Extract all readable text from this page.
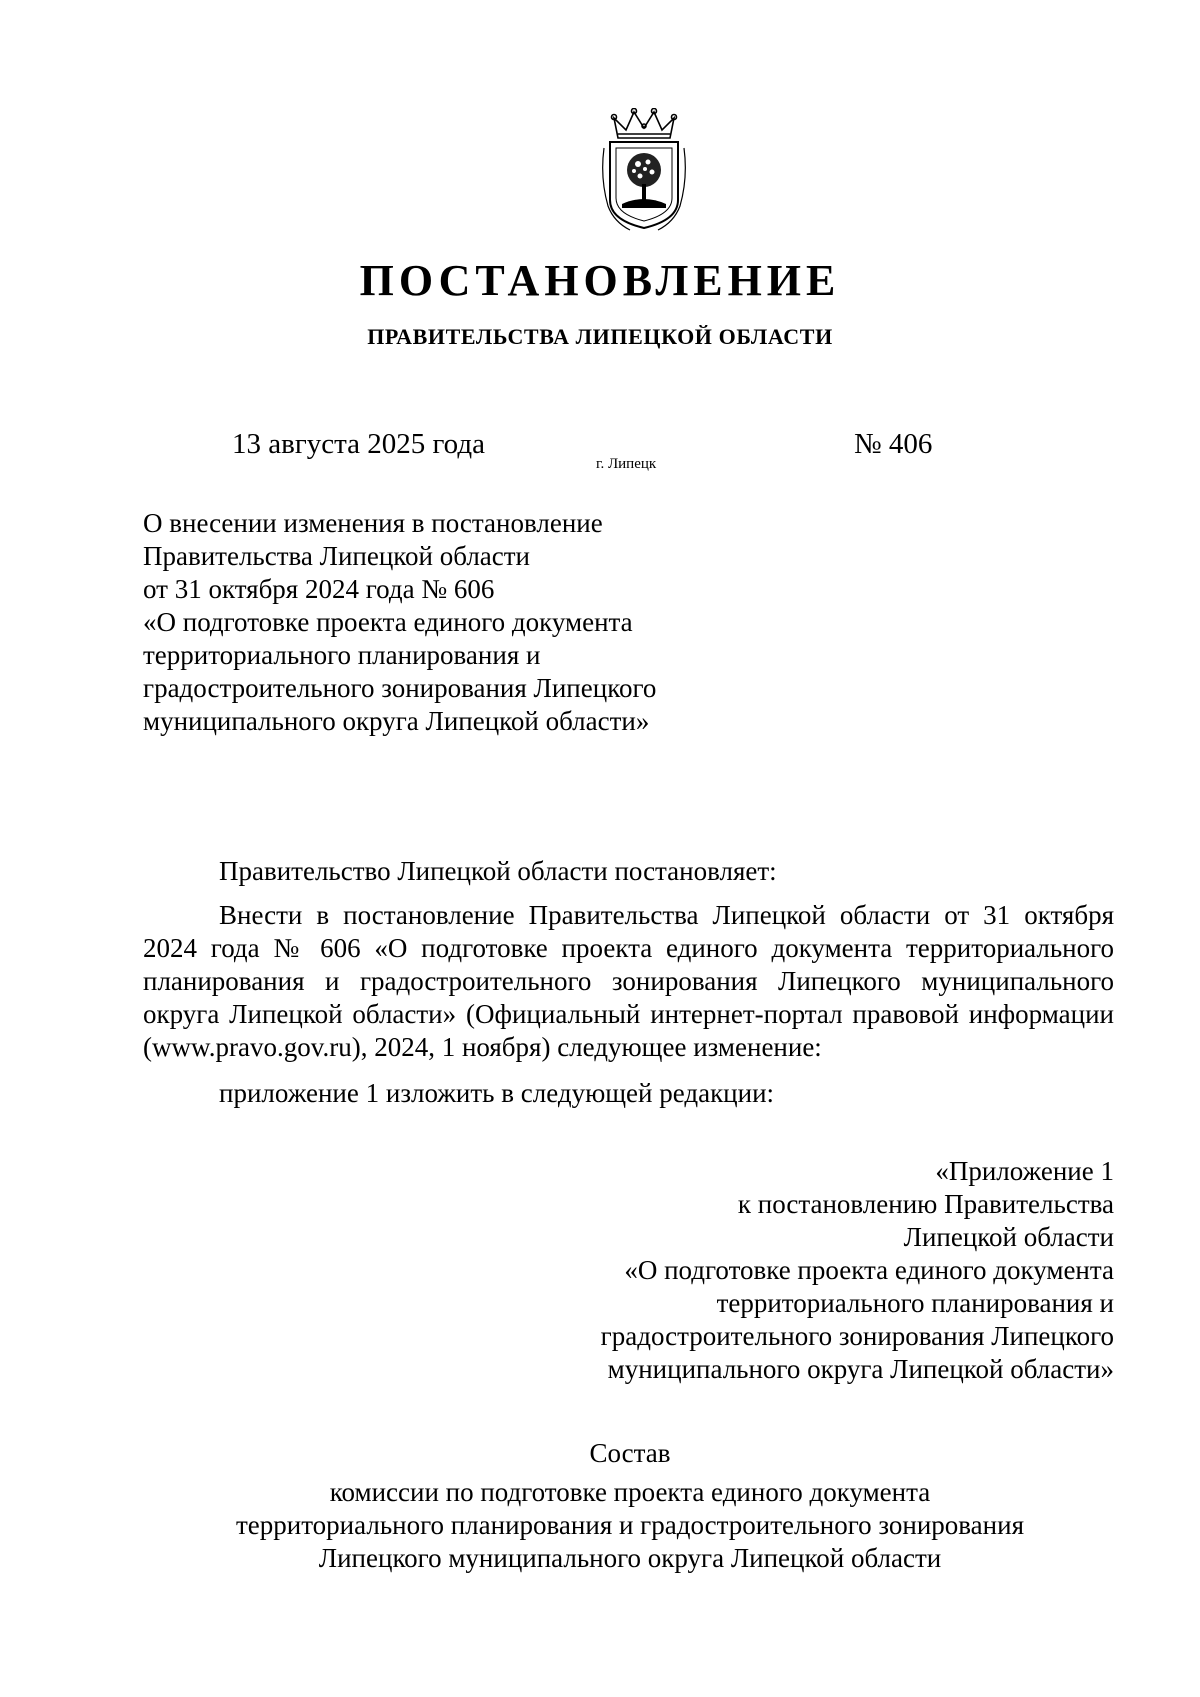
ПОСТАНОВЛЕНИЕ
ПРАВИТЕЛЬСТВА ЛИПЕЦКОЙ ОБЛАСТИ
13 августа 2025 года
г. Липецк
№ 406
О внесении изменения в постановление
Правительства Липецкой области
от 31 октября 2024 года № 606
«О подготовке проекта единого документа
территориального планирования и
градостроительного зонирования Липецкого
муниципального округа Липецкой области»
Правительство Липецкой области постановляет:
Внести в постановление Правительства Липецкой области от 31 октября 2024 года № 606 «О подготовке проекта единого документа территориального планирования и градостроительного зонирования Липецкого муниципального округа Липецкой области» (Официальный интернет-портал правовой информации (www.pravo.gov.ru), 2024, 1 ноября) следующее изменение:
приложение 1 изложить в следующей редакции:
«Приложение 1
к постановлению Правительства
Липецкой области
«О подготовке проекта единого документа
территориального планирования и
градостроительного зонирования Липецкого
муниципального округа Липецкой области»
Состав
комиссии по подготовке проекта единого документа
территориального планирования и градостроительного зонирования
Липецкого муниципального округа Липецкой области
